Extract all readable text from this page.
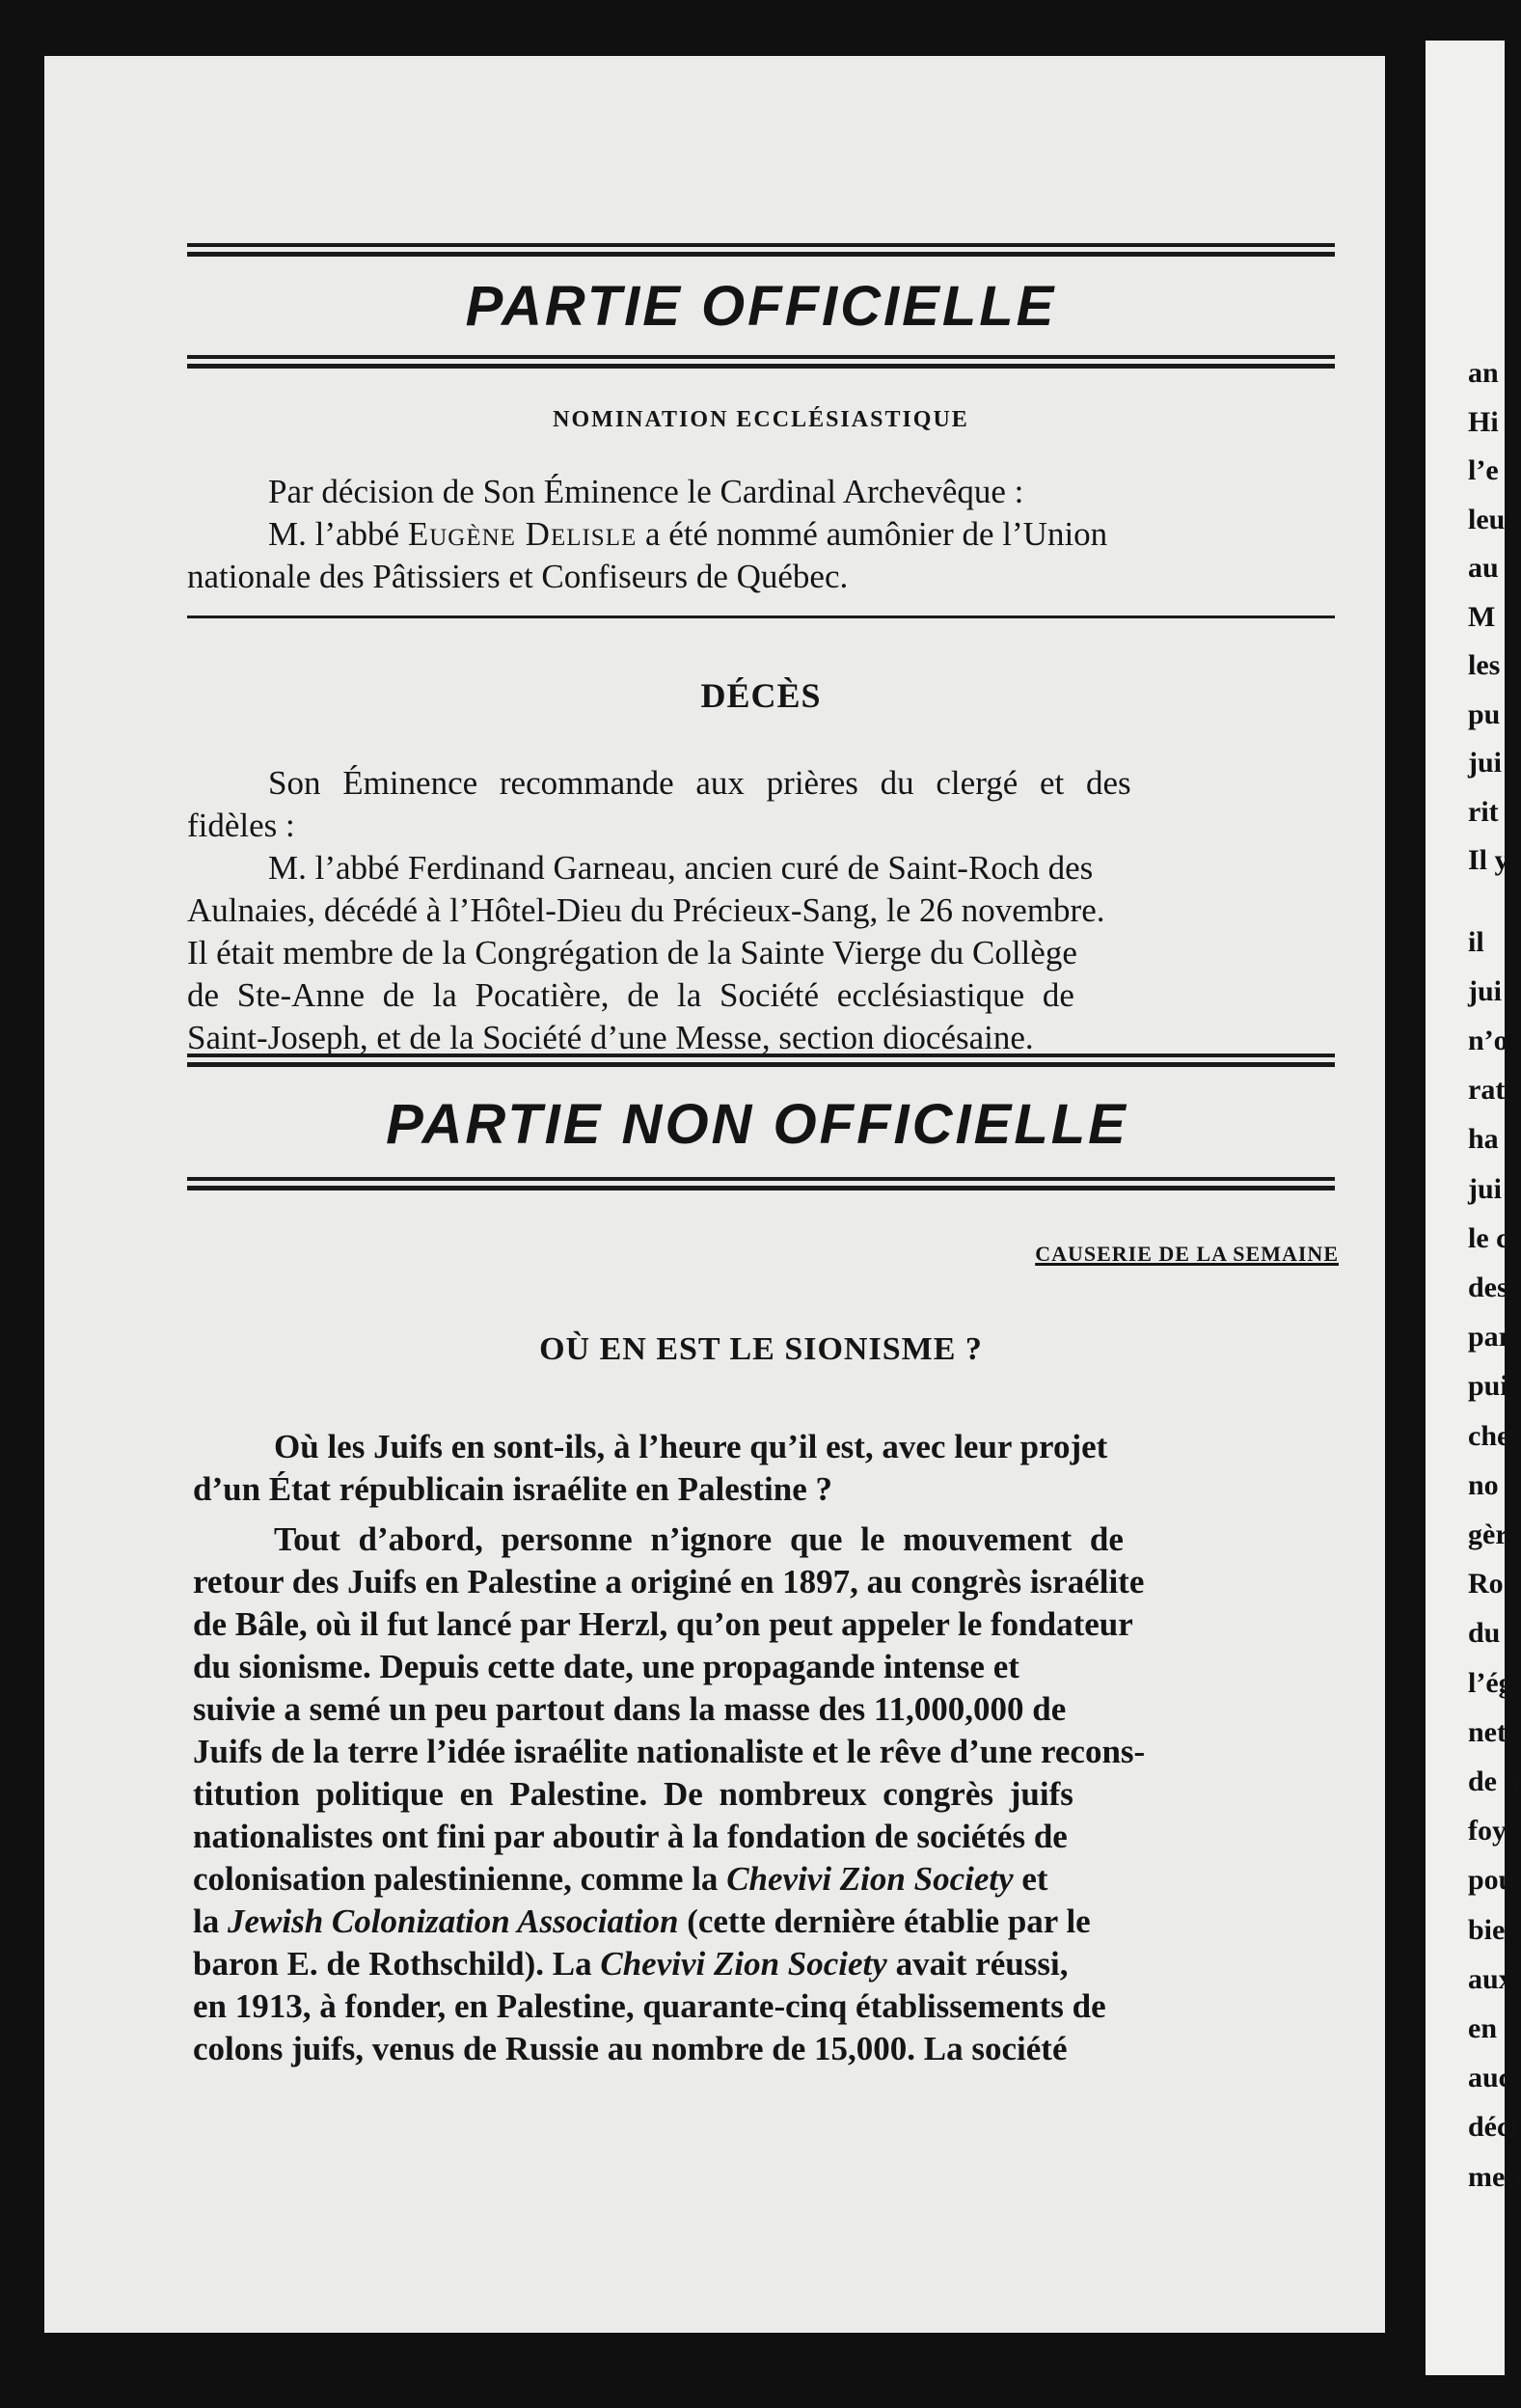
PARTIE OFFICIELLE
NOMINATION ECCLÉSIASTIQUE
Par décision de Son Éminence le Cardinal Archevêque :
M. l’abbé Eugène Delisle a été nommé aumônier de l’Union
nationale des Pâtissiers et Confiseurs de Québec.
DÉCÈS
Son Éminence recommande aux prières du clergé et des
fidèles :
M. l’abbé Ferdinand Garneau, ancien curé de Saint-Roch des
Aulnaies, décédé à l’Hôtel-Dieu du Précieux-Sang, le 26 novembre.
Il était membre de la Congrégation de la Sainte Vierge du Collège
de Ste-Anne de la Pocatière, de la Société ecclésiastique de
Saint-Joseph, et de la Société d’une Messe, section diocésaine.
PARTIE NON OFFICIELLE
CAUSERIE DE LA SEMAINE
OÙ EN EST LE SIONISME ?
Où les Juifs en sont-ils, à l’heure qu’il est, avec leur projet
d’un État républicain israélite en Palestine ?
Tout d’abord, personne n’ignore que le mouvement de
retour des Juifs en Palestine a originé en 1897, au congrès israélite
de Bâle, où il fut lancé par Herzl, qu’on peut appeler le fondateur
du sionisme. Depuis cette date, une propagande intense et
suivie a semé un peu partout dans la masse des 11,000,000 de
Juifs de la terre l’idée israélite nationaliste et le rêve d’une recons-
titution politique en Palestine. De nombreux congrès juifs
nationalistes ont fini par aboutir à la fondation de sociétés de
colonisation palestinienne, comme la Chevivi Zion Society et
la Jewish Colonization Association (cette dernière établie par le
baron E. de Rothschild). La Chevivi Zion Society avait réussi,
en 1913, à fonder, en Palestine, quarante-cinq établissements de
colons juifs, venus de Russie au nombre de 15,000. La société
an
Hi
l’e
leu
au
M
les
pu
jui
rit
Il y
il
jui
n’o
rat
ha
jui
le c
des
par
pui
che
no
gèr
Ro
du
l’ég
net
de S
foy
pou
bie
aux
en I
auc
décl
men
